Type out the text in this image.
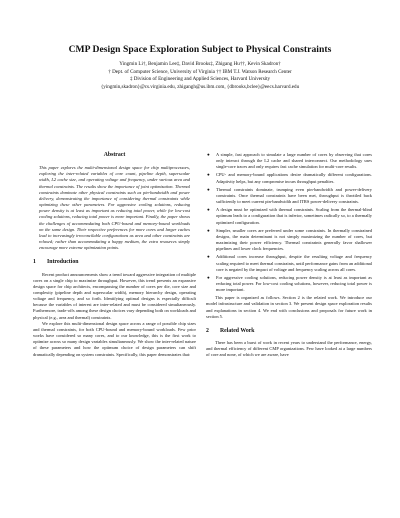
CMP Design Space Exploration Subject to Physical Constraints
Yingmin Li†, Benjamin Lee‡, David Brooks‡, Zhigang Hu††, Kevin Skadron†
† Dept. of Computer Science, University of Virginia †† IBM T.J. Watson Research Center
‡ Division of Engineering and Applied Sciences, Harvard University
{yingmin,skadron}@cs.virginia.edu, zhigangh@us.ibm.com, {dbrooks,bclee}@eecs.harvard.edu
Abstract
This paper explores the multi-dimensional design space for chip multiprocessors, exploring the inter-related variables of core count, pipeline depth, superscalar width, L2 cache size, and operating voltage and frequency, under various area and thermal constraints. The results show the importance of joint optimization. Thermal constraints dominate other physical constraints such as pin-bandwidth and power delivery, demonstrating the importance of considering thermal constraints while optimizing these other parameters. For aggressive cooling solutions, reducing power density is at least as important as reducing total power, while for low-cost cooling solutions, reducing total power is more important. Finally, the paper shows the challenges of accommodating both CPU-bound and memory-bound workloads on the same design. Their respective preferences for more cores and larger caches lead to increasingly irreconcilable configurations as area and other constraints are relaxed; rather than accommodating a happy medium, the extra resources simply encourage more extreme optimization points.
1 Introduction

Recent product announcements show a trend toward aggressive integration of multiple cores on a single chip to maximize throughput. However, this trend presents an expansive design space for chip architects, encompassing the number of cores per die, core size and complexity (pipeline depth and superscalar width), memory hierarchy design, operating voltage and frequency, and so forth. Identifying optimal designs is especially difficult because the variables of interest are inter-related and must be considered simultaneously. Furthermore, trade-offs among these design choices vary depending both on workloads and physical (e.g., area and thermal) constraints.

We explore this multi-dimensional design space across a range of possible chip sizes and thermal constraints, for both CPU-bound and memory-bound workloads. Few prior works have considered so many cores, and to our knowledge, this is the first work to optimize across so many design variables simultaneously. We show the inter-related nature of these parameters and how the optimum choice of design parameters can shift dramatically depending on system constraints. Specifically, this paper demonstrates that:

● A simple, fast approach to simulate a large number of cores by observing that cores only interact through the L2 cache and shared interconnect. Our methodology uses single-core traces and only requires fast cache simulation for multi-core results.
● CPU- and memory-bound applications desire dramatically different configurations. Adaptivity helps, but any compromise incurs throughput penalties.
● Thermal constraints dominate, trumping even pin-bandwidth and power-delivery constraints. Once thermal constraints have been met, throughput is throttled back sufficiently to meet current pin-bandwidth and ITRS power-delivery constraints.
● A design must be optimized with thermal constraints. Scaling from the thermal-blind optimum leads to a configuration that is inferior, sometimes radically so, to a thermally optimized configuration.
● Simpler, smaller cores are preferred under some constraints. In thermally constrained designs, the main determinant is not simply maximizing the number of cores, but maximizing their power efficiency. Thermal constraints generally favor shallower pipelines and lower clock frequencies.
● Additional cores increase throughput, despite the resulting voltage and frequency scaling required to meet thermal constraints, until performance gains from an additional core is negated by the impact of voltage and frequency scaling across all cores.
● For aggressive cooling solutions, reducing power density is at least as important as reducing total power. For low-cost cooling solutions, however, reducing total power is more important.

This paper is organized as follows. Section 2 is the related work. We introduce our model infrastructure and validation in section 3. We present design space exploration results and explanations in section 4. We end with conclusions and proposals for future work in section 5.

2 Related Work

There has been a burst of work in recent years to understand the performance, energy, and thermal efficiency of different CMP organizations. Few have looked at a large numbers of core and none, of which we are aware, have
